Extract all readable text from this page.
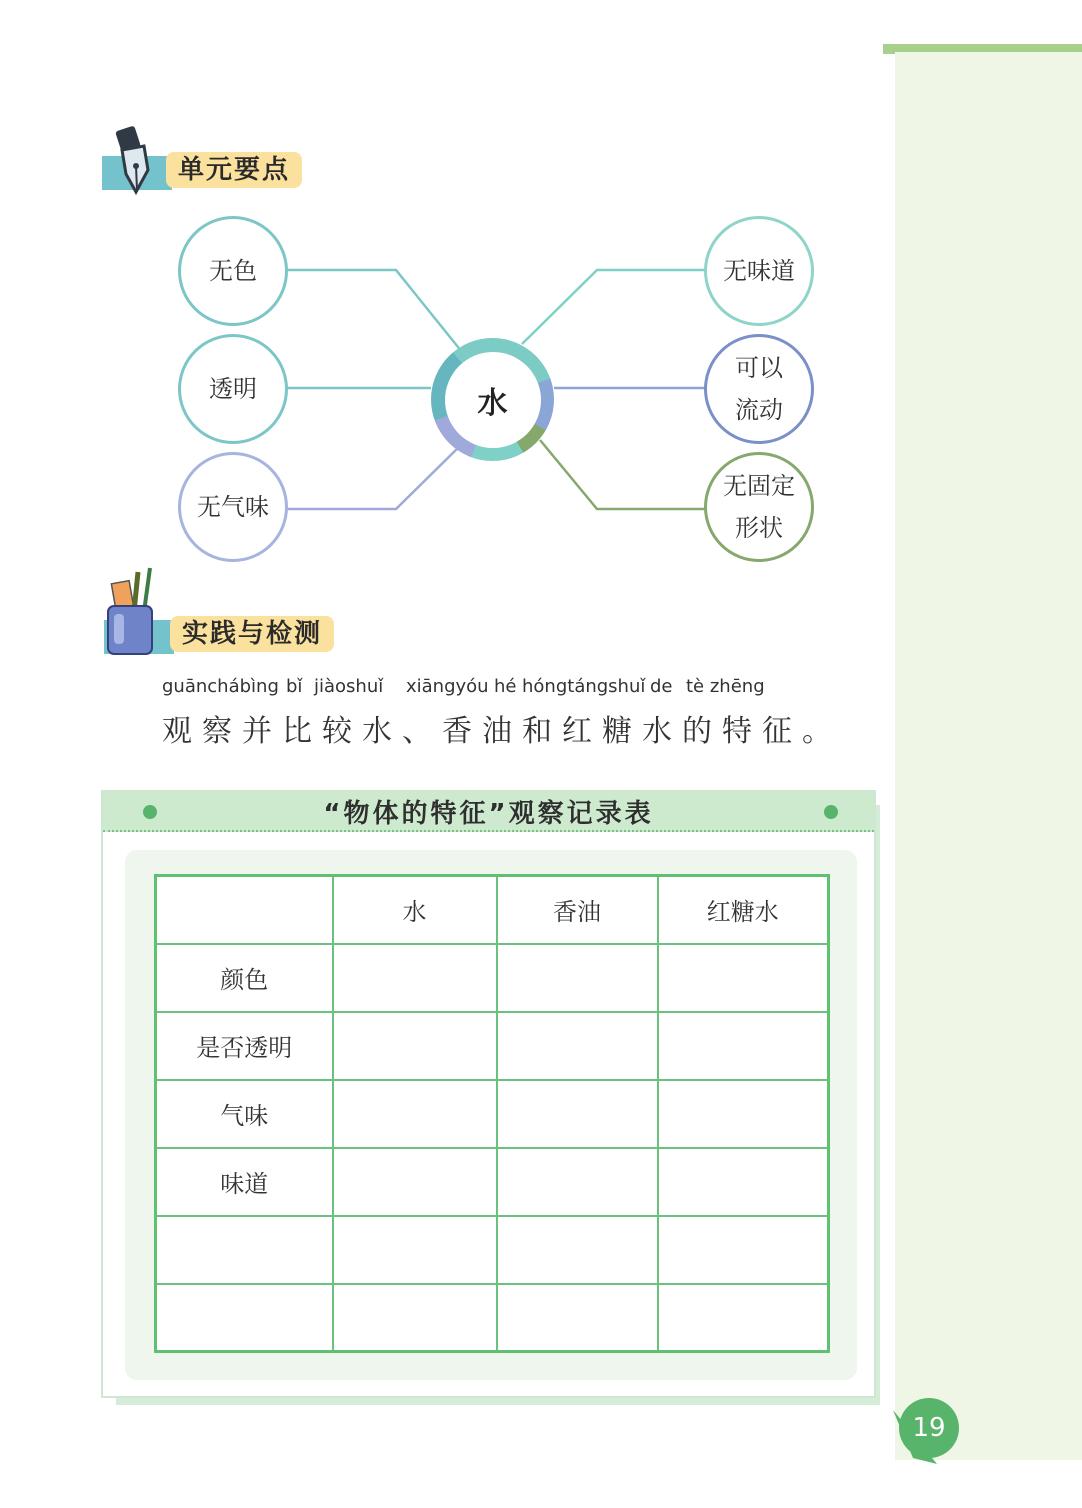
单元要点
无色
透明
无气味
水
无味道
可以
流动
无固定
形状
实践与检测
guānchábìng bǐ jiàoshuǐ	xiāngyóu hé hóngtángshuǐ de tè zhēng
观察并比较水、香油和红糖水的特征。
“物体的特征”观察记录表
	水	香油	红糖水
颜色			
是否透明			
气味			
味道			

19
